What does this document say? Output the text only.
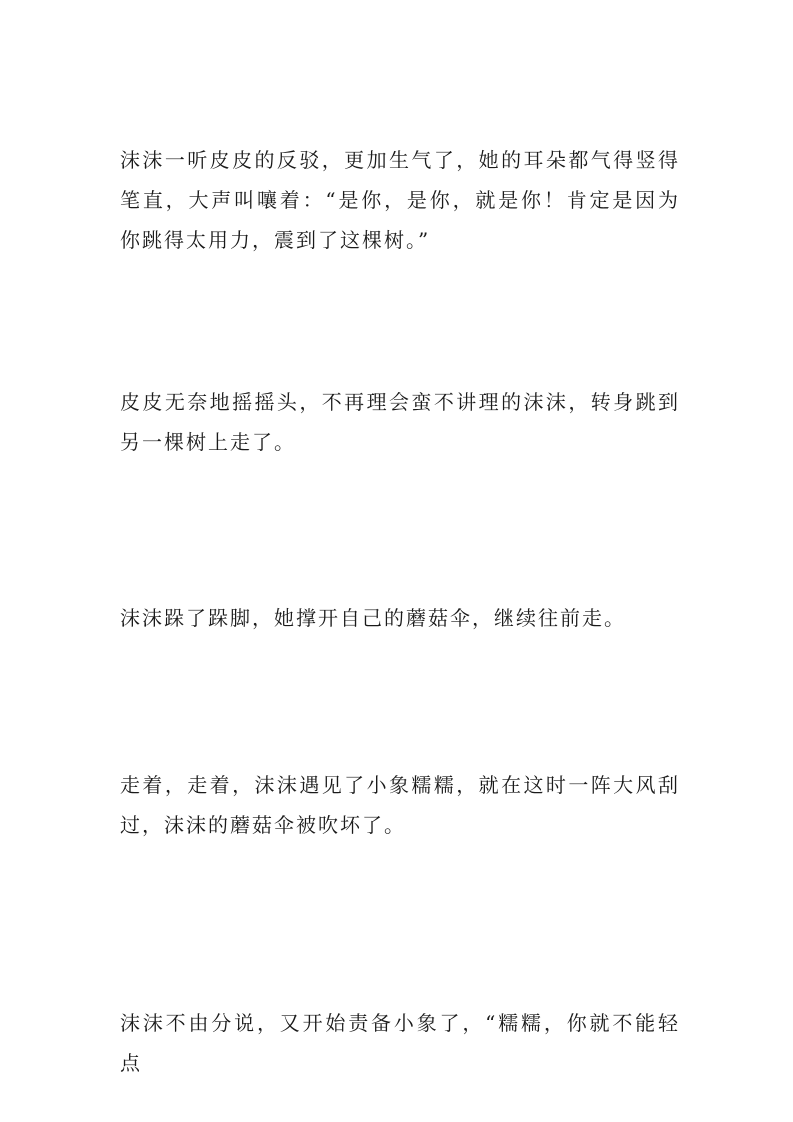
沫沫一听皮皮的反驳，更加生气了，她的耳朵都气得竖得笔直，大声叫嚷着：“是你，是你，就是你！肯定是因为你跳得太用力，震到了这棵树。”

皮皮无奈地摇摇头，不再理会蛮不讲理的沫沫，转身跳到另一棵树上走了。

沫沫跺了跺脚，她撑开自己的蘑菇伞，继续往前走。

走着，走着，沫沫遇见了小象糯糯，就在这时一阵大风刮过，沫沫的蘑菇伞被吹坏了。

沫沫不由分说，又开始责备小象了，“糯糯，你就不能轻点
